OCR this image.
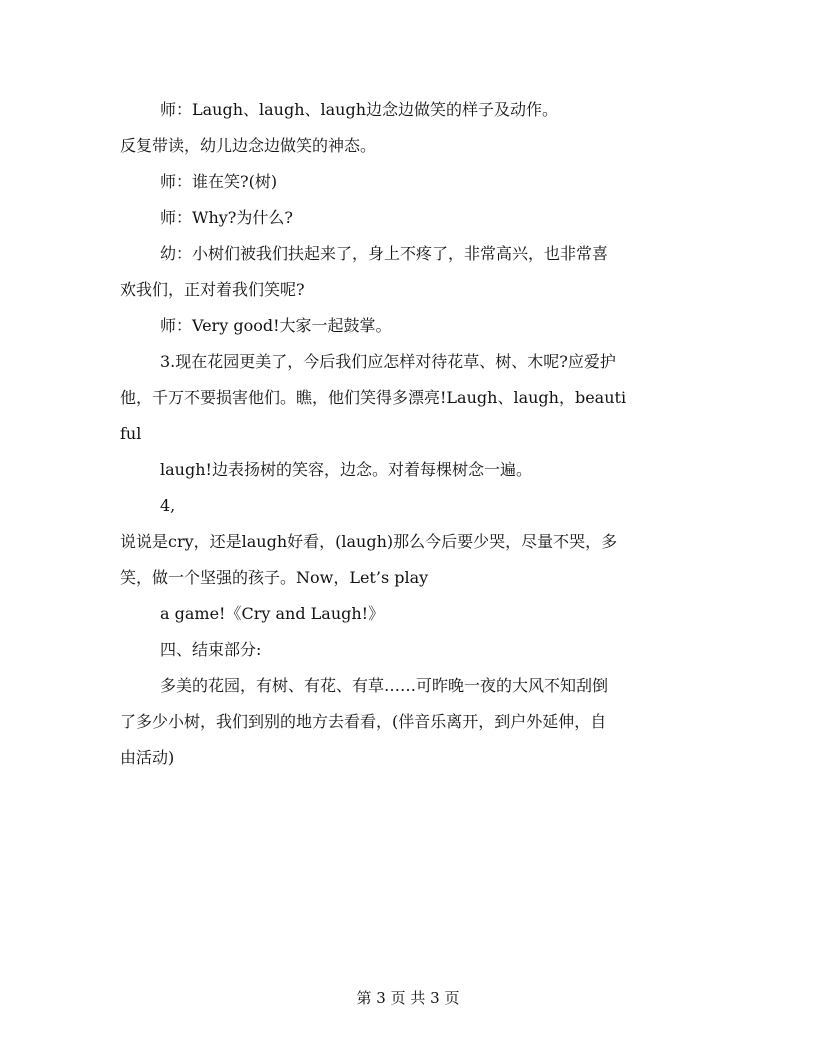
师：Laugh、laugh、laugh边念边做笑的样子及动作。
反复带读，幼儿边念边做笑的神态。
师：谁在笑?(树)
师：Why?为什么?
幼：小树们被我们扶起来了，身上不疼了，非常高兴，也非常喜
欢我们，正对着我们笑呢?
师：Very good!大家一起鼓掌。
3.现在花园更美了，今后我们应怎样对待花草、树、木呢?应爱护
他，千万不要损害他们。瞧，他们笑得多漂亮!Laugh、laugh，beauti
ful
laugh!边表扬树的笑容，边念。对着每棵树念一遍。
4,
说说是cry，还是laugh好看，(laugh)那么今后要少哭，尽量不哭，多
笑，做一个坚强的孩子。Now，Let’s play
a game!《Cry and Laugh!》
四、结束部分:
多美的花园，有树、有花、有草……可昨晚一夜的大风不知刮倒
了多少小树，我们到别的地方去看看，(伴音乐离开，到户外延伸，自
由活动)
第 3 页 共 3 页
